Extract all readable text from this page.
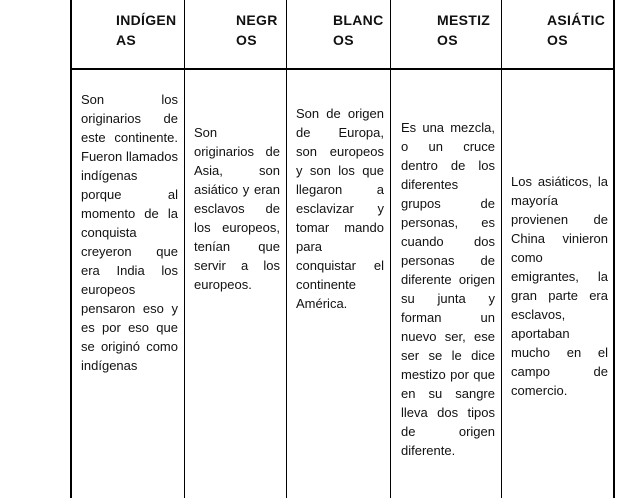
INDÍGEN
AS
NEGR
OS
BLANC
OS
MESTIZ
OS
ASIÁTIC
OS
Son los originarios de este continente. Fueron llamados indígenas porque al momento de la conquista creyeron que era India los europeos pensaron eso y es por eso que se originó como indígenas
Son originarios de Asia, son asiático y eran esclavos de los europeos, tenían que servir a los europeos.
Son de origen de Europa, son europeos y son los que llegaron a esclavizar y tomar mando para conquistar el continente América.
Es una mezcla, o un cruce dentro de los diferentes grupos de personas, es cuando dos personas de diferente origen su junta y forman un nuevo ser, ese ser se le dice mestizo por que en su sangre lleva dos tipos de origen diferente.
Los asiáticos, la mayoría provienen de China vinieron como emigrantes, la gran parte era esclavos, aportaban mucho en el campo de comercio.
